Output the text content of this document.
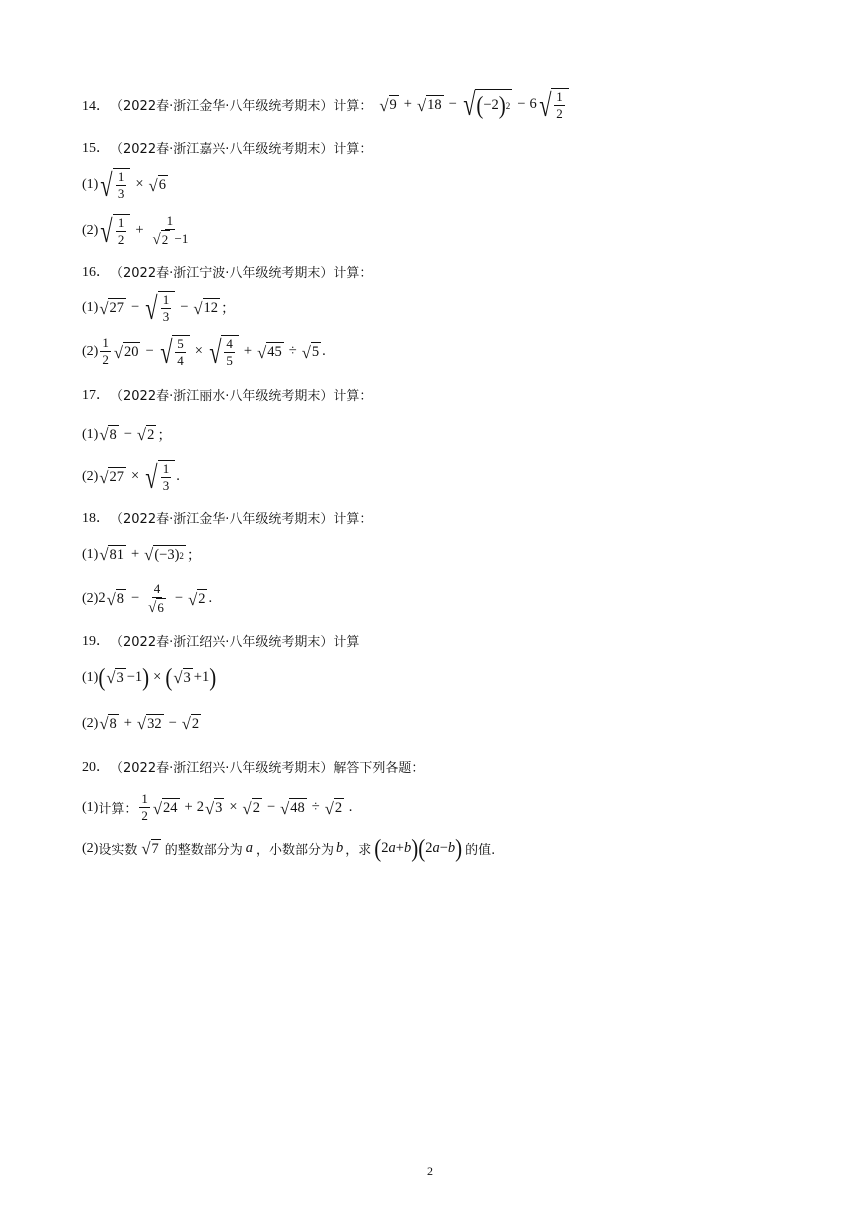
14． （2022春·浙江金华·八年级统考期末） 计算： √ 9 + √ 18 − √ ( −2 ) 2 − 6 √ $\frac{1}{2}$
15． （2022春·浙江嘉兴·八年级统考期末） 计算：
(1) √ $\frac{1}{3}$ × √ 6
(2) √ $\frac{1}{2} + \frac{1}{√ 2 -1}$
16． （2022春·浙江宁波·八年级统考期末） 计算：
(1) √ 27 − √ $\frac{1}{3}$ − √ 12 ；
$(2) \frac{1}{2}$ √ 20 − √ $\frac{5}{4}$ × √ $\frac{4}{5}$ + √ 45 ÷ √ 5 .
17． （2022春·浙江丽水·八年级统考期末） 计算：
(1) √ 8 − √ 2 ；
(2) √ 27 × √ $\frac{1}{3}$ .
18． （2022春·浙江金华·八年级统考期末） 计算：
(1) √ 81 + √ (−3) 2 ；
(2) 2 √ $8 - \frac{4}{√ 6}$ − √ 2 .
19． （2022春·浙江绍兴·八年级统考期末） 计算
(1) ( √ 3 −1 ) × ( √ 3 +1 )
(2) √ 8 + √ 32 − √ 2
20． （2022春·浙江绍兴·八年级统考期末） 解答下列各题：
(1) 计算： $\frac{1}{2}$ √ 24 + 2 √ 3 × √ 2 − √ 48 ÷ √ 2 .
(2) 设实数 √ 7 的整数部分为 a ，小数部分为 b ，求 ( 2 a + b ) ( 2 a − b ) 的值.
2
